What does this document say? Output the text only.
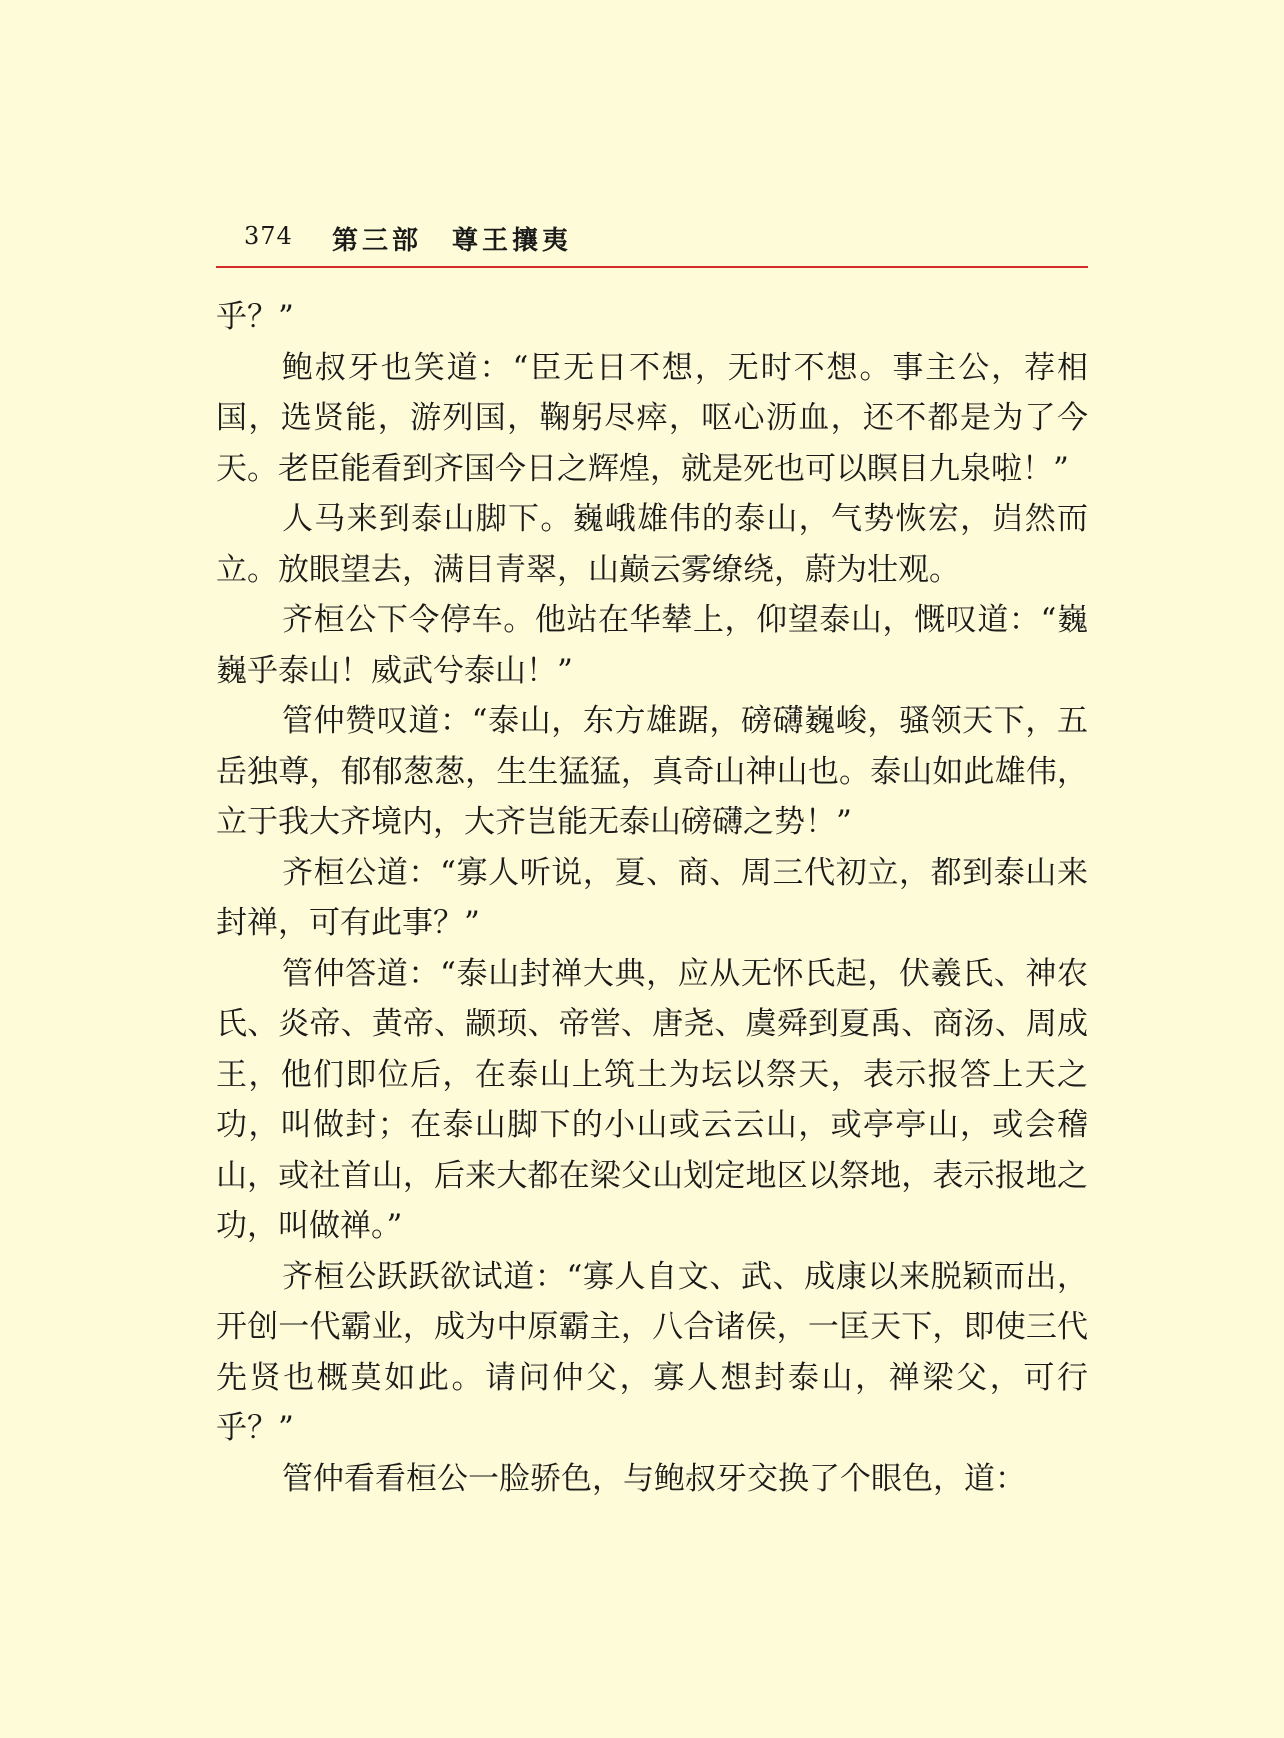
374 第三部　尊王攘夷

乎？”

鲍叔牙也笑道：“臣无日不想，无时不想。事主公，荐相国，选贤能，游列国，鞠躬尽瘁，呕心沥血，还不都是为了今天。老臣能看到齐国今日之辉煌，就是死也可以瞑目九泉啦！”

人马来到泰山脚下。巍峨雄伟的泰山，气势恢宏，岿然而立。放眼望去，满目青翠，山巅云雾缭绕，蔚为壮观。

齐桓公下令停车。他站在华辇上，仰望泰山，慨叹道：“巍巍乎泰山！威武兮泰山！”

管仲赞叹道：“泰山，东方雄踞，磅礴巍峻，骚领天下，五岳独尊，郁郁葱葱，生生猛猛，真奇山神山也。泰山如此雄伟，立于我大齐境内，大齐岂能无泰山磅礴之势！”

齐桓公道：“寡人听说，夏、商、周三代初立，都到泰山来封禅，可有此事？”

管仲答道：“泰山封禅大典，应从无怀氏起，伏羲氏、神农氏、炎帝、黄帝、颛顼、帝喾、唐尧、虞舜到夏禹、商汤、周成王，他们即位后，在泰山上筑土为坛以祭天，表示报答上天之功，叫做封；在泰山脚下的小山或云云山，或亭亭山，或会稽山，或社首山，后来大都在梁父山划定地区以祭地，表示报地之功，叫做禅。”

齐桓公跃跃欲试道：“寡人自文、武、成康以来脱颖而出，开创一代霸业，成为中原霸主，八合诸侯，一匡天下，即使三代先贤也概莫如此。请问仲父，寡人想封泰山，禅梁父，可行乎？”

管仲看看桓公一脸骄色，与鲍叔牙交换了个眼色，道：
